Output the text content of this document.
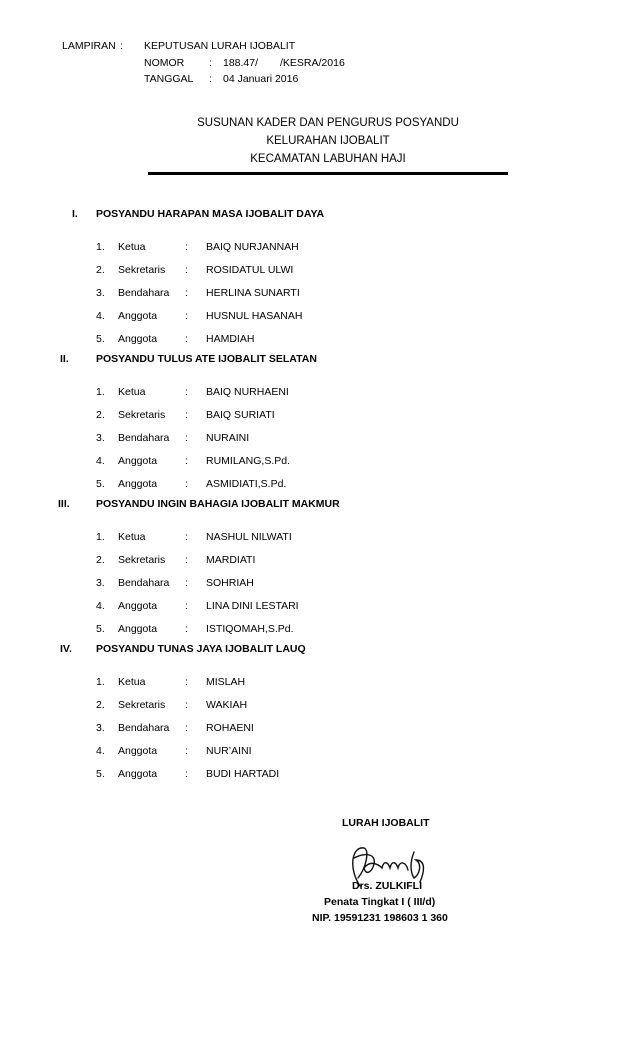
LAMPIRAN : KEPUTUSAN LURAH IJOBALIT
NOMOR : 188.47/ /KESRA/2016
TANGGAL : 04 Januari 2016
SUSUNAN KADER DAN PENGURUS POSYANDU
KELURAHAN IJOBALIT
KECAMATAN LABUHAN HAJI
I. POSYANDU HARAPAN MASA IJOBALIT DAYA
1. Ketua	: BAIQ NURJANNAH
2. Sekretaris : ROSIDATUL ULWI
3. Bendahara : HERLINA SUNARTI
4. Anggota	: HUSNUL HASANAH
5. Anggota	: HAMDIAH
II.	POSYANDU TULUS ATE IJOBALIT SELATAN
1. Ketua	: BAIQ NURHAENI
2. Sekretaris : BAIQ SURIATI
3. Bendahara : NURAINI
4. Anggota	: RUMILANG,S.Pd.
5. Anggota	: ASMIDIATI,S.Pd.
III.	POSYANDU INGIN BAHAGIA IJOBALIT MAKMUR
1. Ketua	: NASHUL NILWATI
2. Sekretaris : MARDIATI
3. Bendahara : SOHRIAH
4. Anggota	: LINA DINI LESTARI
5. Anggota	: ISTIQOMAH,S.Pd.
IV. POSYANDU TUNAS JAYA IJOBALIT LAUQ
1. Ketua	: MISLAH
2. Sekretaris : WAKIAH
3. Bendahara : ROHAENI
4. Anggota	: NUR’AINI
5. Anggota	: BUDI HARTADI
LURAH IJOBALIT
Drs. ZULKIFLI
Penata Tingkat I ( III/d)
NIP. 19591231 198603 1 360
